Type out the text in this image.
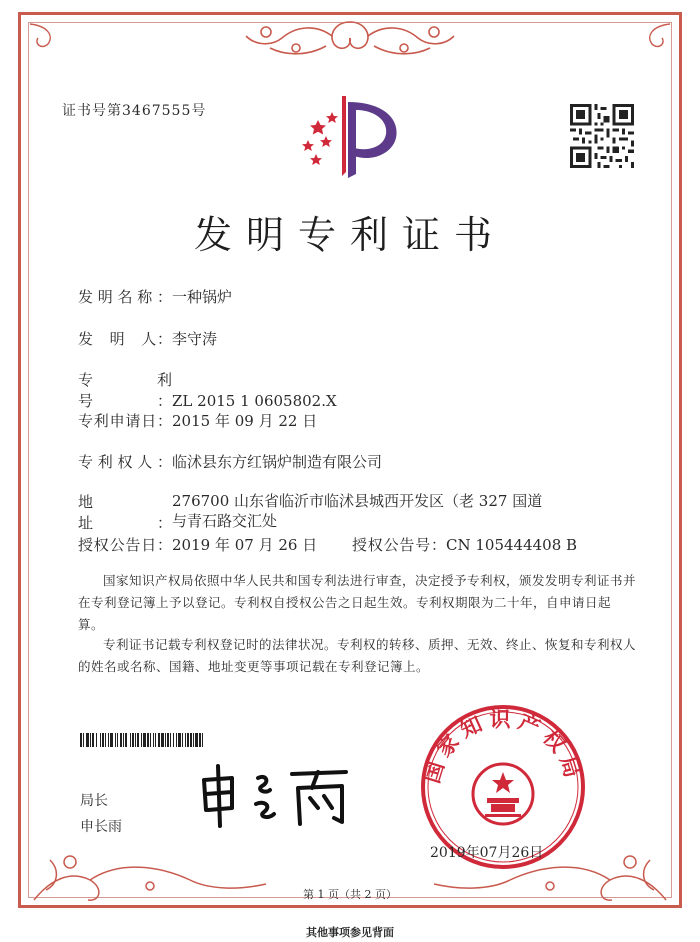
证书号第3467555号
发明专利证书
发明名称：一种锅炉
发　明　人：李守涛
专　　利　号：ZL 2015 1 0605802.X
专利申请日：2015 年 09 月 22 日
专利权人：临沭县东方红锅炉制造有限公司
地　　　　址：
276700 山东省临沂市临沭县城西开发区（老 327 国道与青石路交汇处
授权公告日：2019 年 07 月 26 日 授权公告号：CN 105444408 B
国家知识产权局依照中华人民共和国专利法进行审查，决定授予专利权，颁发发明专利证书并在专利登记簿上予以登记。专利权自授权公告之日起生效。专利权期限为二十年，自申请日起算。
专利证书记载专利权登记时的法律状况。专利权的转移、质押、无效、终止、恢复和专利权人的姓名或名称、国籍、地址变更等事项记载在专利登记簿上。
局长
申长雨
国家知识产权局
2019年07月26日
第 1 页（共 2 页）
其他事项参见背面
